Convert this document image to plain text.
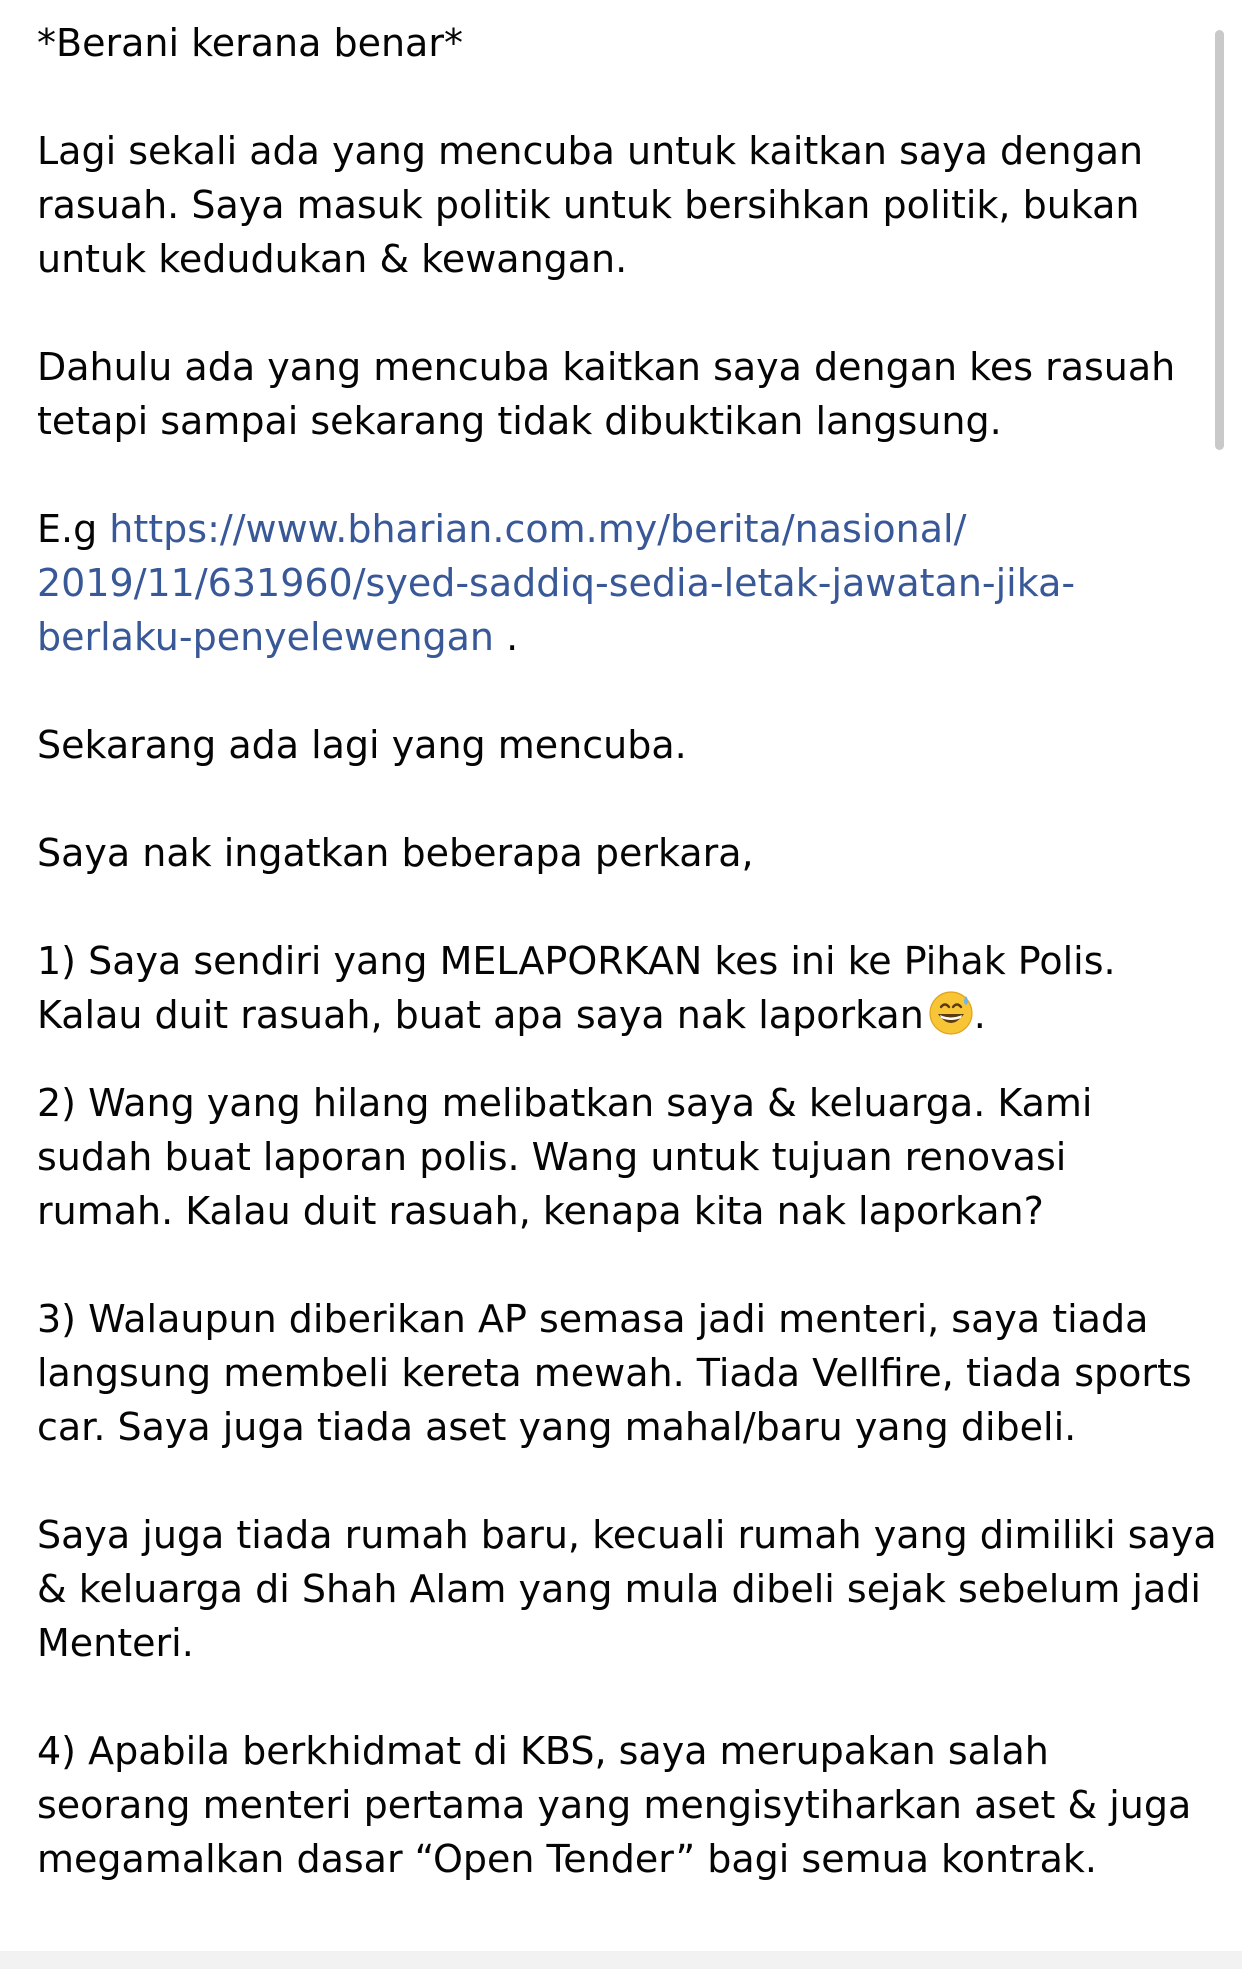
*Berani kerana benar*
Lagi sekali ada yang mencuba untuk kaitkan saya dengan
rasuah. Saya masuk politik untuk bersihkan politik, bukan
untuk kedudukan & kewangan.
Dahulu ada yang mencuba kaitkan saya dengan kes rasuah
tetapi sampai sekarang tidak dibuktikan langsung.
E.g https://www.bharian.com.my/berita/nasional/
2019/11/631960/syed-saddiq-sedia-letak-jawatan-jika-
berlaku-penyelewengan .
Sekarang ada lagi yang mencuba.
Saya nak ingatkan beberapa perkara,
1) Saya sendiri yang MELAPORKAN kes ini ke Pihak Polis.
Kalau duit rasuah, buat apa saya nak laporkan .
2) Wang yang hilang melibatkan saya & keluarga. Kami
sudah buat laporan polis. Wang untuk tujuan renovasi
rumah. Kalau duit rasuah, kenapa kita nak laporkan?
3) Walaupun diberikan AP semasa jadi menteri, saya tiada
langsung membeli kereta mewah. Tiada Vellfire, tiada sports
car. Saya juga tiada aset yang mahal/baru yang dibeli.
Saya juga tiada rumah baru, kecuali rumah yang dimiliki saya
& keluarga di Shah Alam yang mula dibeli sejak sebelum jadi
Menteri.
4) Apabila berkhidmat di KBS, saya merupakan salah
seorang menteri pertama yang mengisytiharkan aset & juga
megamalkan dasar “Open Tender” bagi semua kontrak.
